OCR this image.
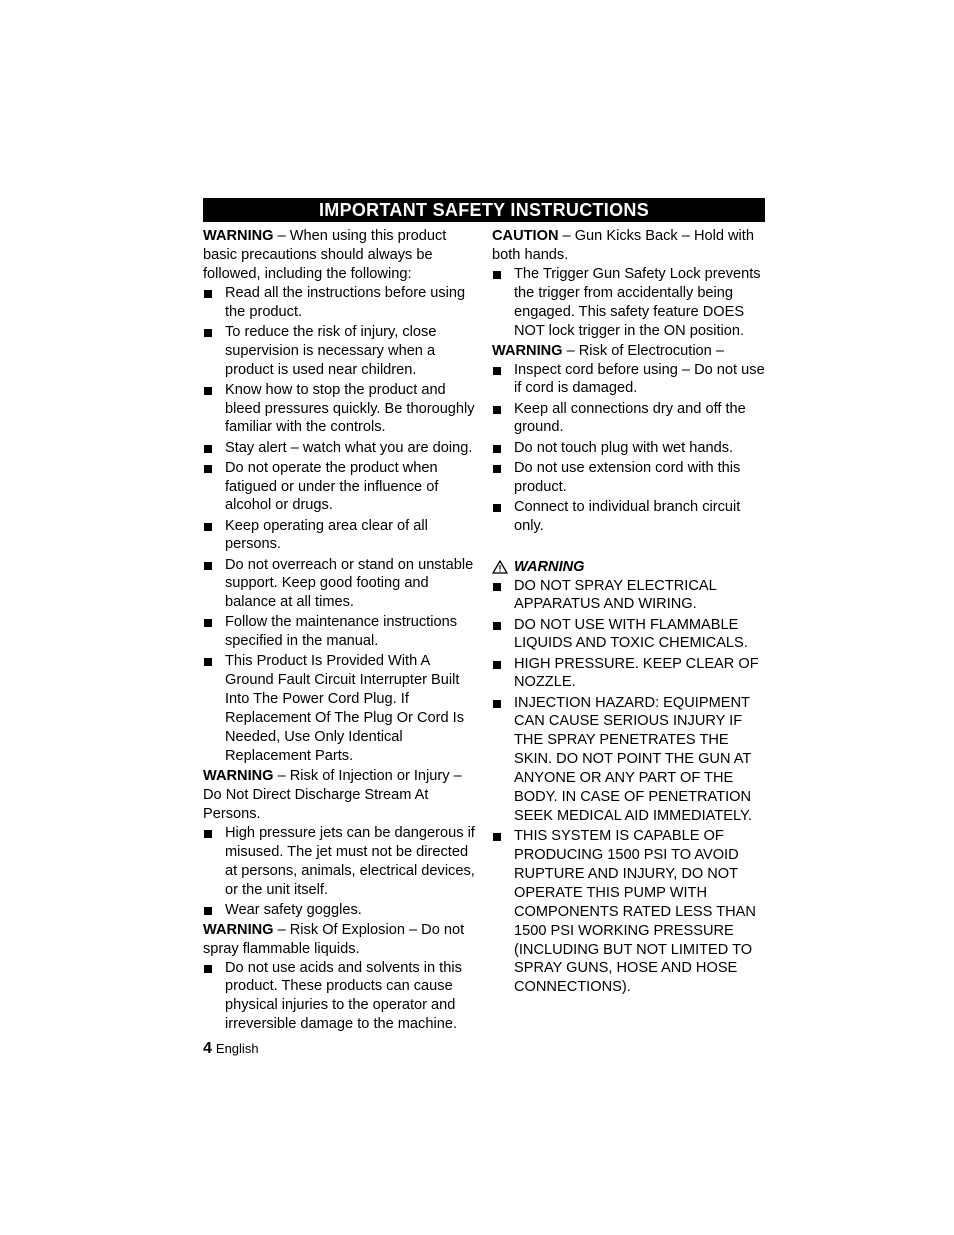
IMPORTANT SAFETY INSTRUCTIONS

WARNING – When using this product basic precautions should always be followed, including the following:

Read all the instructions before using the product.
To reduce the risk of injury, close supervision is necessary when a product is used near children.
Know how to stop the product and bleed pressures quickly. Be thoroughly familiar with the controls.
Stay alert – watch what you are doing.
Do not operate the product when fatigued or under the influence of alcohol or drugs.
Keep operating area clear of all persons.
Do not overreach or stand on unstable support. Keep good footing and balance at all times.
Follow the maintenance instructions specified in the manual.
This Product Is Provided With A Ground Fault Circuit Interrupter Built Into The Power Cord Plug. If Replacement Of The Plug Or Cord Is Needed, Use Only Identical Replacement Parts.

WARNING – Risk of Injection or Injury – Do Not Direct Discharge Stream At Persons.

High pressure jets can be dangerous if misused. The jet must not be directed at persons, animals, electrical devices, or the unit itself.
Wear safety goggles.

WARNING – Risk Of Explosion – Do not spray flammable liquids.

Do not use acids and solvents in this product. These products can cause physical injuries to the operator and irreversible damage to the machine.

CAUTION – Gun Kicks Back – Hold with both hands.

The Trigger Gun Safety Lock prevents the trigger from accidentally being engaged. This safety feature DOES NOT lock trigger in the ON position.

WARNING – Risk of Electrocution –

Inspect cord before using – Do not use if cord is damaged.
Keep all connections dry and off the ground.
Do not touch plug with wet hands.
Do not use extension cord with this product.
Connect to individual branch circuit only.

WARNING

DO NOT SPRAY ELECTRICAL APPARATUS AND WIRING.
DO NOT USE WITH FLAMMABLE LIQUIDS AND TOXIC CHEMICALS.
HIGH PRESSURE. KEEP CLEAR OF NOZZLE.
INJECTION HAZARD: EQUIPMENT CAN CAUSE SERIOUS INJURY IF THE SPRAY PENETRATES THE SKIN. DO NOT POINT THE GUN AT ANYONE OR ANY PART OF THE BODY. IN CASE OF PENETRATION SEEK MEDICAL AID IMMEDIATELY.
THIS SYSTEM IS CAPABLE OF PRODUCING 1500 PSI TO AVOID RUPTURE AND INJURY, DO NOT OPERATE THIS PUMP WITH COMPONENTS RATED LESS THAN 1500 PSI WORKING PRESSURE (INCLUDING BUT NOT LIMITED TO SPRAY GUNS, HOSE AND HOSE CONNECTIONS).
4 English
